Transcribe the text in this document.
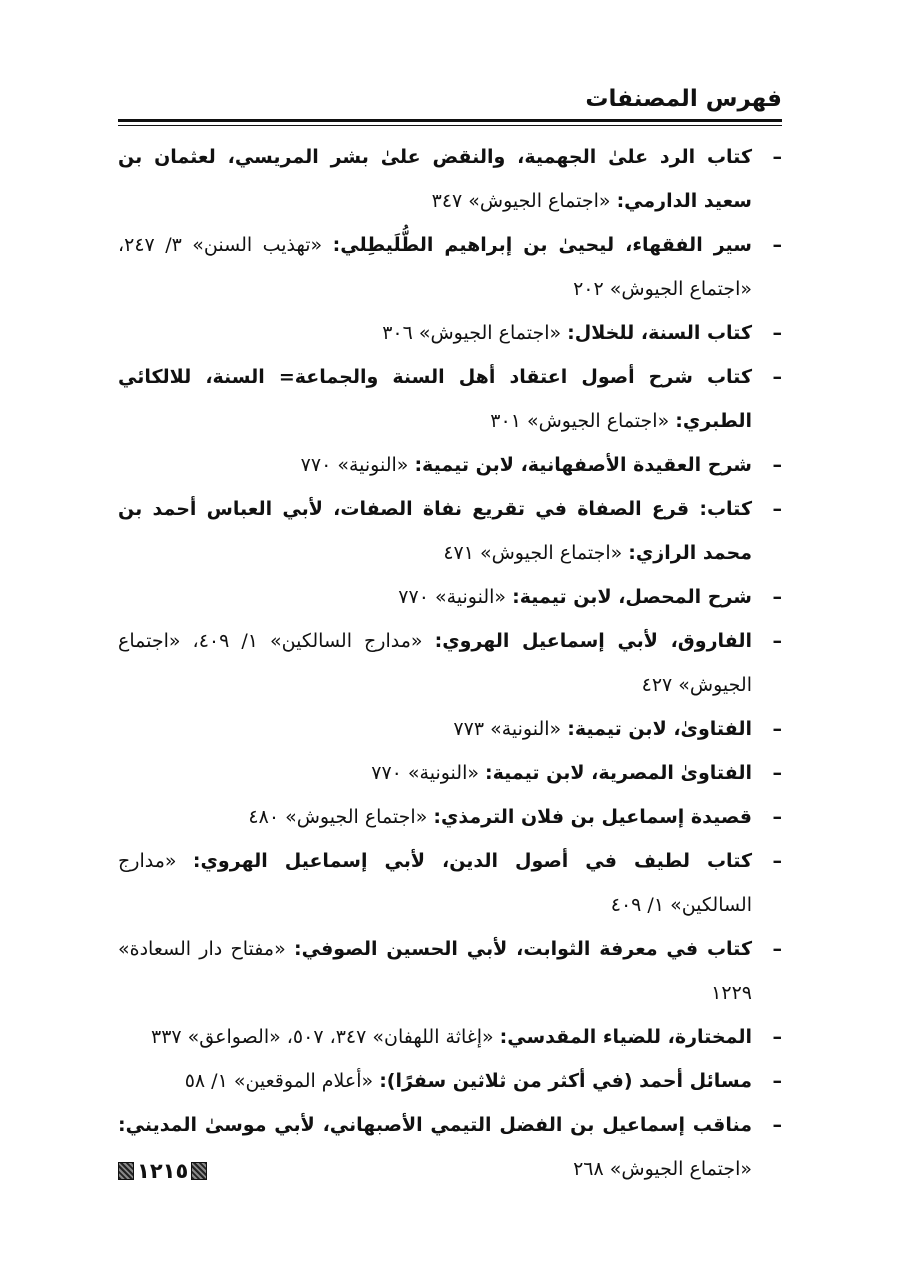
فهرس المصنفات
–
كتاب الرد علىٰ الجهمية، والنقض علىٰ بشر المريسي، لعثمان بن سعيد الدارمي: «اجتماع الجيوش» ٣٤٧
–
سير الفقهاء، ليحيىٰ بن إبراهيم الطُّلَيطِلي: «تهذيب السنن» ٣/ ٢٤٧، «اجتماع الجيوش» ٢٠٢
–
كتاب السنة، للخلال: «اجتماع الجيوش» ٣٠٦
–
كتاب شرح أصول اعتقاد أهل السنة والجماعة= السنة، للالكائي الطبري: «اجتماع الجيوش» ٣٠١
–
شرح العقيدة الأصفهانية، لابن تيمية: «النونية» ٧٧٠
–
كتاب: قرع الصفاة في تقريع نفاة الصفات، لأبي العباس أحمد بن محمد الرازي: «اجتماع الجيوش» ٤٧١
–
شرح المحصل، لابن تيمية: «النونية» ٧٧٠
–
الفاروق، لأبي إسماعيل الهروي: «مدارج السالكين» ١/ ٤٠٩، «اجتماع الجيوش» ٤٢٧
–
الفتاوىٰ، لابن تيمية: «النونية» ٧٧٣
–
الفتاوىٰ المصرية، لابن تيمية: «النونية» ٧٧٠
–
قصيدة إسماعيل بن فلان الترمذي: «اجتماع الجيوش» ٤٨٠
–
كتاب لطيف في أصول الدين، لأبي إسماعيل الهروي: «مدارج السالكين» ١/ ٤٠٩
–
كتاب في معرفة الثوابت، لأبي الحسين الصوفي: «مفتاح دار السعادة» ١٢٢٩
–
المختارة، للضياء المقدسي: «إغاثة اللهفان» ٣٤٧، ٥٠٧، «الصواعق» ٣٣٧
–
مسائل أحمد (في أكثر من ثلاثين سفرًا): «أعلام الموقعين» ١/ ٥٨
–
مناقب إسماعيل بن الفضل التيمي الأصبهاني، لأبي موسىٰ المديني: «اجتماع الجيوش» ٢٦٨
١٢١٥
